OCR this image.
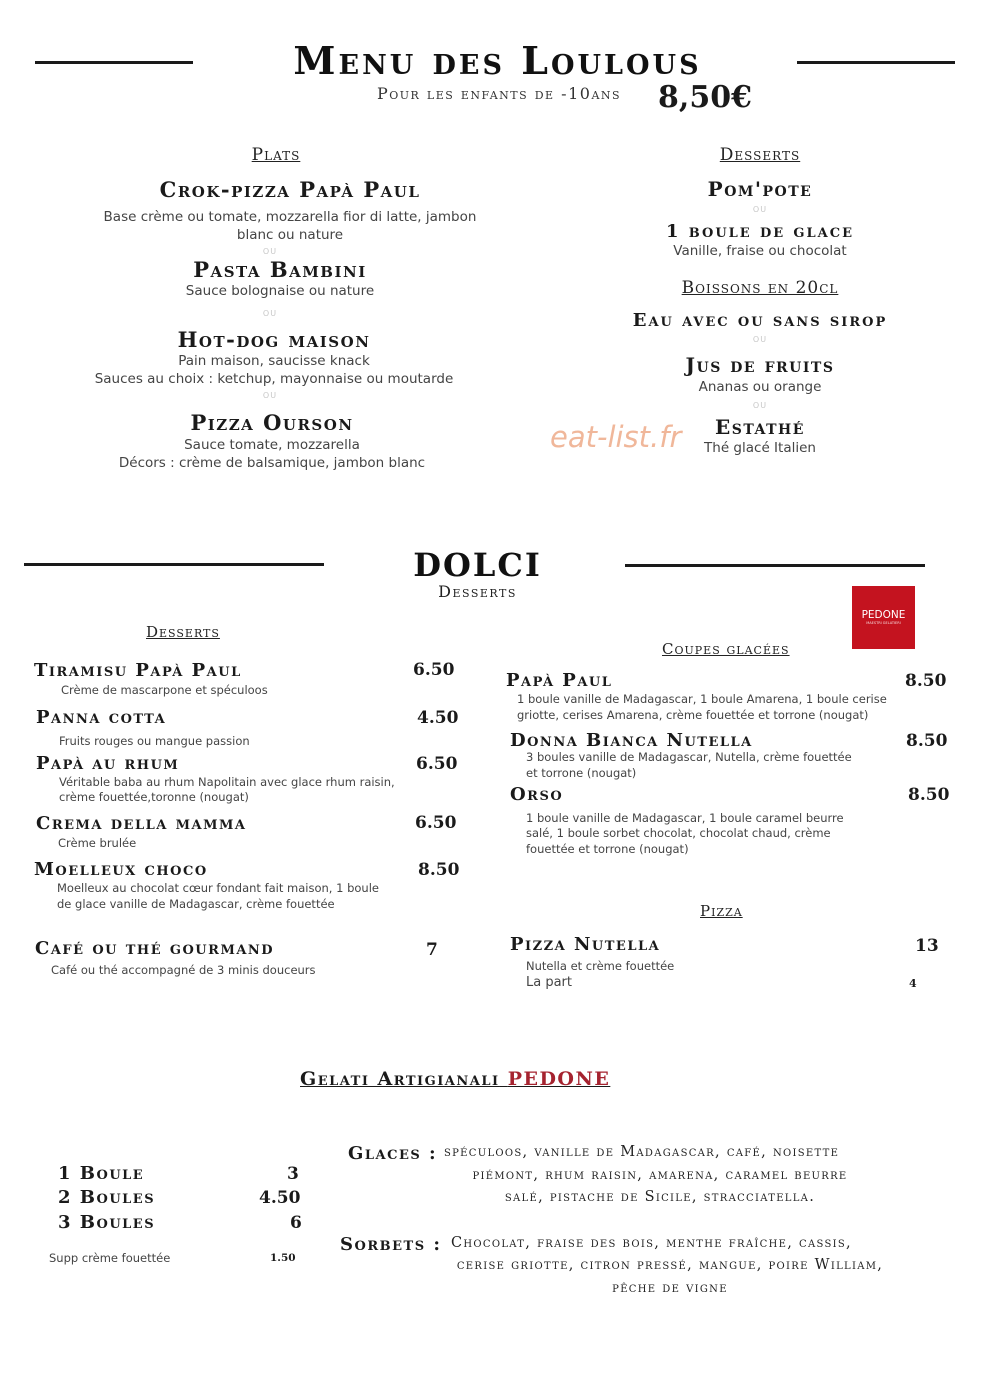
Menu des Loulous
Pour les enfants de -10ans 8,50€
Plats
Crok-pizza Papà Paul
Base crème ou tomate, mozzarella fior di latte, jambon
blanc ou nature
ou
Pasta Bambini
Sauce bolognaise ou nature
ou
Hot-dog maison
Pain maison, saucisse knack
Sauces au choix : ketchup, mayonnaise ou moutarde
ou
Pizza Ourson
Sauce tomate, mozzarella
Décors : crème de balsamique, jambon blanc
Desserts
Pom'pote
ou
1 boule de glace
Vanille, fraise ou chocolat
Boissons en 20cl
Eau avec ou sans sirop
ou
Jus de fruits
Ananas ou orange
ou
Estathé
Thé glacé Italien
eat-list.fr
DOLCI
Desserts
PEDONE
MAESTRI GELATIERI
Desserts
Tiramisu Papà Paul	6.50
Crème de mascarpone et spéculoos
Panna cotta	4.50
Fruits rouges ou mangue passion
Papà au rhum	6.50
Véritable baba au rhum Napolitain avec glace rhum raisin,
crème fouettée,toronne (nougat)
Crema della mamma	6.50
Crème brulée
Moelleux choco	8.50
Moelleux au chocolat cœur fondant fait maison, 1 boule
de glace vanille de Madagascar, crème fouettée
Café ou thé gourmand	7
Café ou thé accompagné de 3 minis douceurs
Coupes glacées
Papà Paul	8.50
1 boule vanille de Madagascar, 1 boule Amarena, 1 boule cerise
griotte, cerises Amarena, crème fouettée et torrone (nougat)
Donna Bianca Nutella	8.50
3 boules vanille de Madagascar, Nutella, crème fouettée
et torrone (nougat)
Orso	8.50
1 boule vanille de Madagascar, 1 boule caramel beurre
salé, 1 boule sorbet chocolat, chocolat chaud, crème
fouettée et torrone (nougat)
Pizza
Pizza Nutella	13
Nutella et crème fouettée
La part	4
Gelati Artigianali PEDONE
1 Boule	3
2 Boules	4.50
3 Boules	6
Supp crème fouettée	1.50
Glaces : spéculoos, vanille de Madagascar, café, noisette
piémont, rhum raisin, amarena, caramel beurre
salé, pistache de Sicile, stracciatella.
Sorbets : Chocolat, fraise des bois, menthe fraîche, cassis,
cerise griotte, citron pressé, mangue, poire William,
pêche de vigne
